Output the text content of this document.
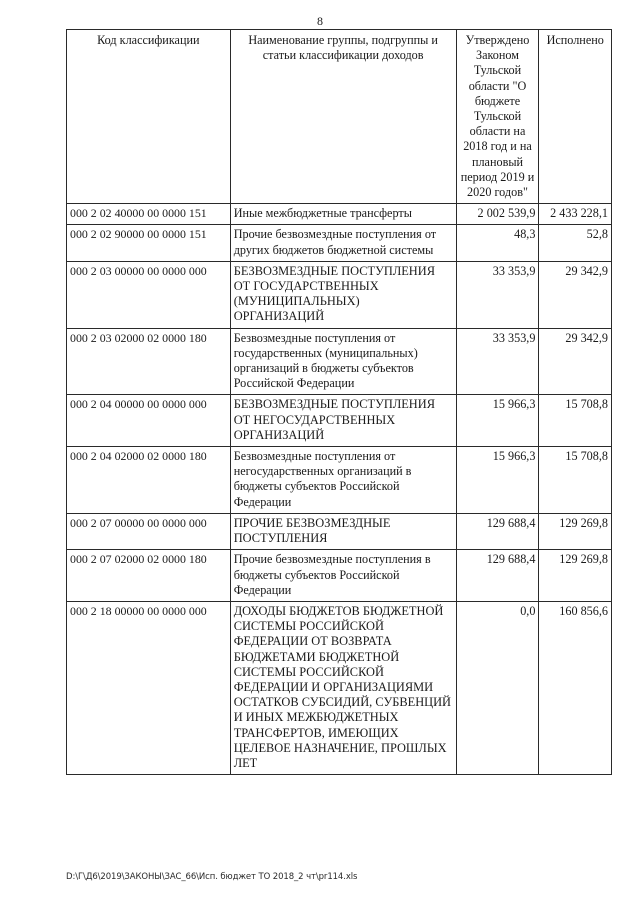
8
Код классификации	Наименование группы, подгруппы и статьи классификации доходов	Утверждено Законом Тульской области "О бюджете Тульской области на 2018 год и на плановый период 2019 и 2020 годов"	Исполнено
000 2 02 40000 00 0000 151	Иные межбюджетные трансферты	2 002 539,9	2 433 228,1
000 2 02 90000 00 0000 151	Прочие безвозмездные поступления от других бюджетов бюджетной системы	48,3	52,8
000 2 03 00000 00 0000 000	БЕЗВОЗМЕЗДНЫЕ ПОСТУПЛЕНИЯ ОТ ГОСУДАРСТВЕННЫХ (МУНИЦИПАЛЬНЫХ) ОРГАНИЗАЦИЙ	33 353,9	29 342,9
000 2 03 02000 02 0000 180	Безвозмездные поступления от государственных (муниципальных) организаций в бюджеты субъектов Российской Федерации	33 353,9	29 342,9
000 2 04 00000 00 0000 000	БЕЗВОЗМЕЗДНЫЕ ПОСТУПЛЕНИЯ ОТ НЕГОСУДАРСТВЕННЫХ ОРГАНИЗАЦИЙ	15 966,3	15 708,8
000 2 04 02000 02 0000 180	Безвозмездные поступления от негосударственных организаций в бюджеты субъектов Российской Федерации	15 966,3	15 708,8
000 2 07 00000 00 0000 000	ПРОЧИЕ БЕЗВОЗМЕЗДНЫЕ ПОСТУПЛЕНИЯ	129 688,4	129 269,8
000 2 07 02000 02 0000 180	Прочие безвозмездные поступления в бюджеты субъектов Российской Федерации	129 688,4	129 269,8
000 2 18 00000 00 0000 000	ДОХОДЫ БЮДЖЕТОВ БЮДЖЕТНОЙ СИСТЕМЫ РОССИЙСКОЙ ФЕДЕРАЦИИ ОТ ВОЗВРАТА БЮДЖЕТАМИ БЮДЖЕТНОЙ СИСТЕМЫ РОССИЙСКОЙ ФЕДЕРАЦИИ И ОРГАНИЗАЦИЯМИ ОСТАТКОВ СУБСИДИЙ, СУБВЕНЦИЙ И ИНЫХ МЕЖБЮДЖЕТНЫХ ТРАНСФЕРТОВ, ИМЕЮЩИХ ЦЕЛЕВОЕ НАЗНАЧЕНИЕ, ПРОШЛЫХ ЛЕТ	0,0	160 856,6
D:\Г\Д6\2019\ЗАКОНЫ\ЗАС_66\Исп. бюджет ТО 2018_2 чт\pr114.xls
